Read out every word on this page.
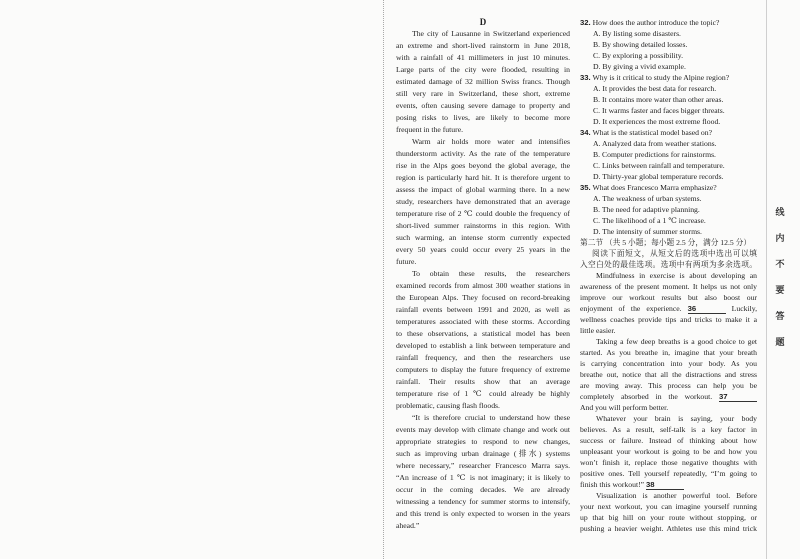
线
内
不
要
答
题
D
The city of Lausanne in Switzerland experienced
an extreme and short-lived rainstorm in June 2018,
with a rainfall of 41 millimeters in just 10 minutes.
Large parts of the city were flooded, resulting in
estimated damage of 32 million Swiss francs. Though
still very rare in Switzerland, these short, extreme
events, often causing severe damage to property and
posing risks to lives, are likely to become more
frequent in the future.
Warm air holds more water and intensifies
thunderstorm activity. As the rate of the temperature
rise in the Alps goes beyond the global average, the
region is particularly hard hit. It is therefore urgent to
assess the impact of global warming there. In a new
study, researchers have demonstrated that an average
temperature rise of 2 ℃ could double the frequency of
short-lived summer rainstorms in this region. With
such warming, an intense storm currently expected
every 50 years could occur every 25 years in the
future.
To obtain these results, the researchers
examined records from almost 300 weather stations in
the European Alps. They focused on record-breaking
rainfall events between 1991 and 2020, as well as
temperatures associated with these storms. According
to these observations, a statistical model has been
developed to establish a link between temperature and
rainfall frequency, and then the researchers use
computers to display the future frequency of extreme
rainfall. Their results show that an average
temperature rise of 1 ℃ could already be highly
problematic, causing flash floods.
“It is therefore crucial to understand how these
events may develop with climate change and work out
appropriate strategies to respond to new changes,
such as improving urban drainage (排水) systems
where necessary,” researcher Francesco Marra says.
“An increase of 1 ℃ is not imaginary; it is likely to
occur in the coming decades. We are already
witnessing a tendency for summer storms to intensify,
and this trend is only expected to worsen in the years
ahead.”
32. How does the author introduce the topic?
A. By listing some disasters.
B. By showing detailed losses.
C. By exploring a possibility.
D. By giving a vivid example.
33. Why is it critical to study the Alpine region?
A. It provides the best data for research.
B. It contains more water than other areas.
C. It warms faster and faces bigger threats.
D. It experiences the most extreme flood.
34. What is the statistical model based on?
A. Analyzed data from weather stations.
B. Computer predictions for rainstorms.
C. Links between rainfall and temperature.
D. Thirty-year global temperature records.
35. What does Francesco Marra emphasize?
A. The weakness of urban systems.
B. The need for adaptive planning.
C. The likelihood of a 1 ℃ increase.
D. The intensity of summer storms.
第二节 （共 5 小题；每小题 2.5 分，满分 12.5 分）
阅读下面短文，从短文后的选项中选出可以填
入空白处的最佳选项。选项中有两项为多余选项。
Mindfulness in exercise is about developing an
awareness of the present moment. It helps us not only
improve our workout results but also boost our
enjoyment of the experience. 36	Luckily,
wellness coaches provide tips and tricks to make it a
little easier.
Taking a few deep breaths is a good choice to get
started. As you breathe in, imagine that your breath
is carrying concentration into your body. As you
breathe out, notice that all the distractions and stress
are moving away. This process can help you be
completely absorbed in the workout. 37
And you will perform better.
Whatever your brain is saying, your body
believes. As a result, self-talk is a key factor in
success or failure. Instead of thinking about how
unpleasant your workout is going to be and how you
won’t finish it, replace those negative thoughts with
positive ones. Tell yourself repeatedly, “I’m going to
finish this workout!” 38
Visualization is another powerful tool. Before
your next workout, you can imagine yourself running
up that big hill on your route without stopping, or
pushing a heavier weight. Athletes use this mind trick
